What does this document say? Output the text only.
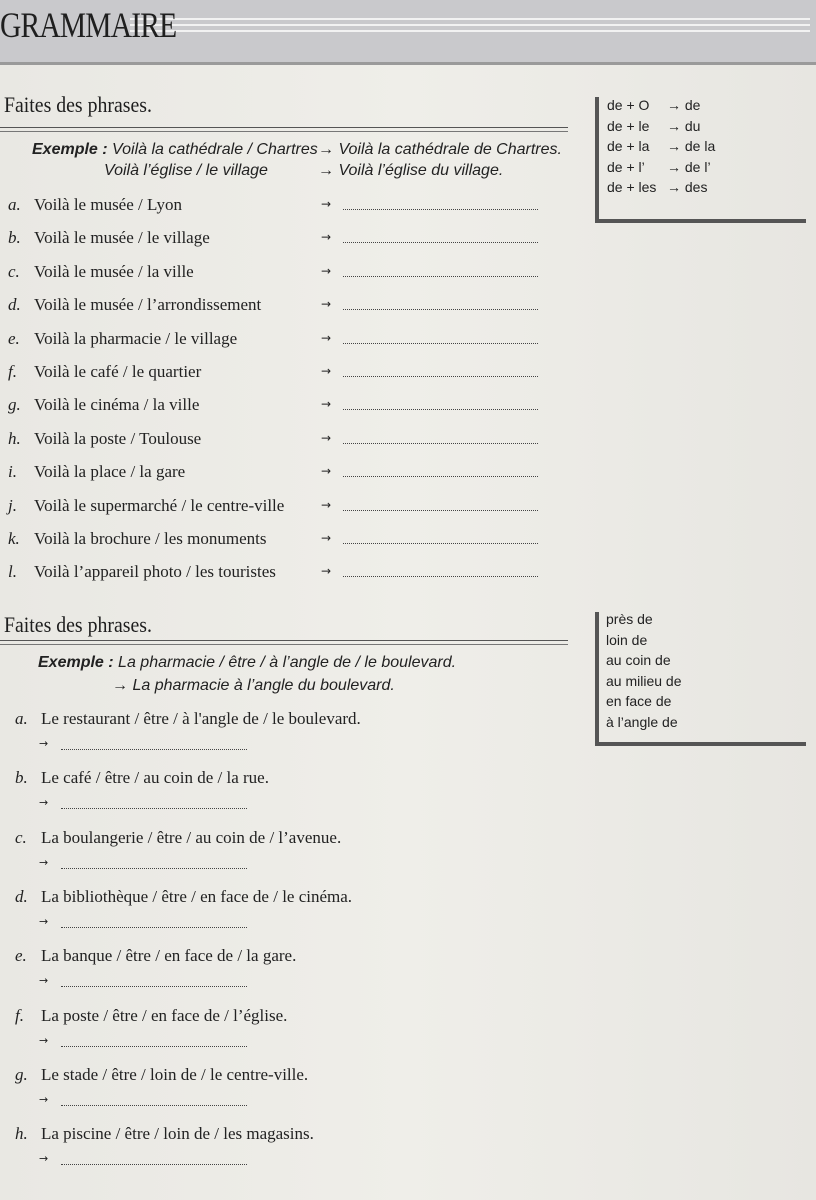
GRAMMAIRE
Faites des phrases.
Exemple : Voilà la cathédrale / Chartres → Voilà la cathédrale de Chartres.
Voilà l’église / le village	→ Voilà l’église du village.
a. Voilà le musée / Lyon	→
b. Voilà le musée / le village	→
c. Voilà le musée / la ville	→
d. Voilà le musée / l’arrondissement	→
e. Voilà la pharmacie / le village	→
f. Voilà le café / le quartier	→
g. Voilà le cinéma / la ville	→
h. Voilà la poste / Toulouse	→
i. Voilà la place / la gare	→
j. Voilà le supermarché / le centre-ville	→
k. Voilà la brochure / les monuments	→
l. Voilà l’appareil photo / les touristes	→
de + O → de
de + le → du
de + la → de la
de + l’ → de l’
de + les → des
Faites des phrases.
Exemple : La pharmacie / être / à l’angle de / le boulevard.
→ La pharmacie à l’angle du boulevard.
a. Le restaurant / être / à l'angle de / le boulevard.
→
b. Le café / être / au coin de / la rue.
→
c. La boulangerie / être / au coin de / l’avenue.
→
d. La bibliothèque / être / en face de / le cinéma.
→
e. La banque / être / en face de / la gare.
→
f. La poste / être / en face de / l’église.
→
g. Le stade / être / loin de / le centre-ville.
→
h. La piscine / être / loin de / les magasins.
→
près de
loin de
au coin de
au milieu de
en face de
à l’angle de
